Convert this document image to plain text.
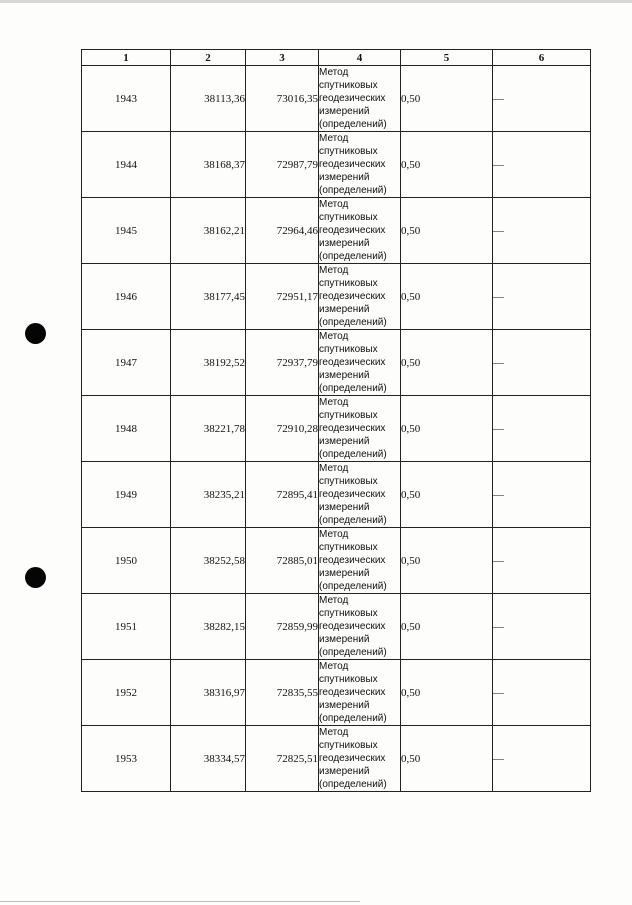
1	2	3	4	5	6
1943	38113,36	73016,35	Метод спутниковых геодезических измерений (определений)	0,50	—
1944	38168,37	72987,79	Метод спутниковых геодезических измерений (определений)	0,50	—
1945	38162,21	72964,46	Метод спутниковых геодезических измерений (определений)	0,50	—
1946	38177,45	72951,17	Метод спутниковых геодезических измерений (определений)	0,50	—
1947	38192,52	72937,79	Метод спутниковых геодезических измерений (определений)	0,50	—
1948	38221,78	72910,28	Метод спутниковых геодезических измерений (определений)	0,50	—
1949	38235,21	72895,41	Метод спутниковых геодезических измерений (определений)	0,50	—
1950	38252,58	72885,01	Метод спутниковых геодезических измерений (определений)	0,50	—
1951	38282,15	72859,99	Метод спутниковых геодезических измерений (определений)	0,50	—
1952	38316,97	72835,55	Метод спутниковых геодезических измерений (определений)	0,50	—
1953	38334,57	72825,51	Метод спутниковых геодезических измерений (определений)	0,50	—
